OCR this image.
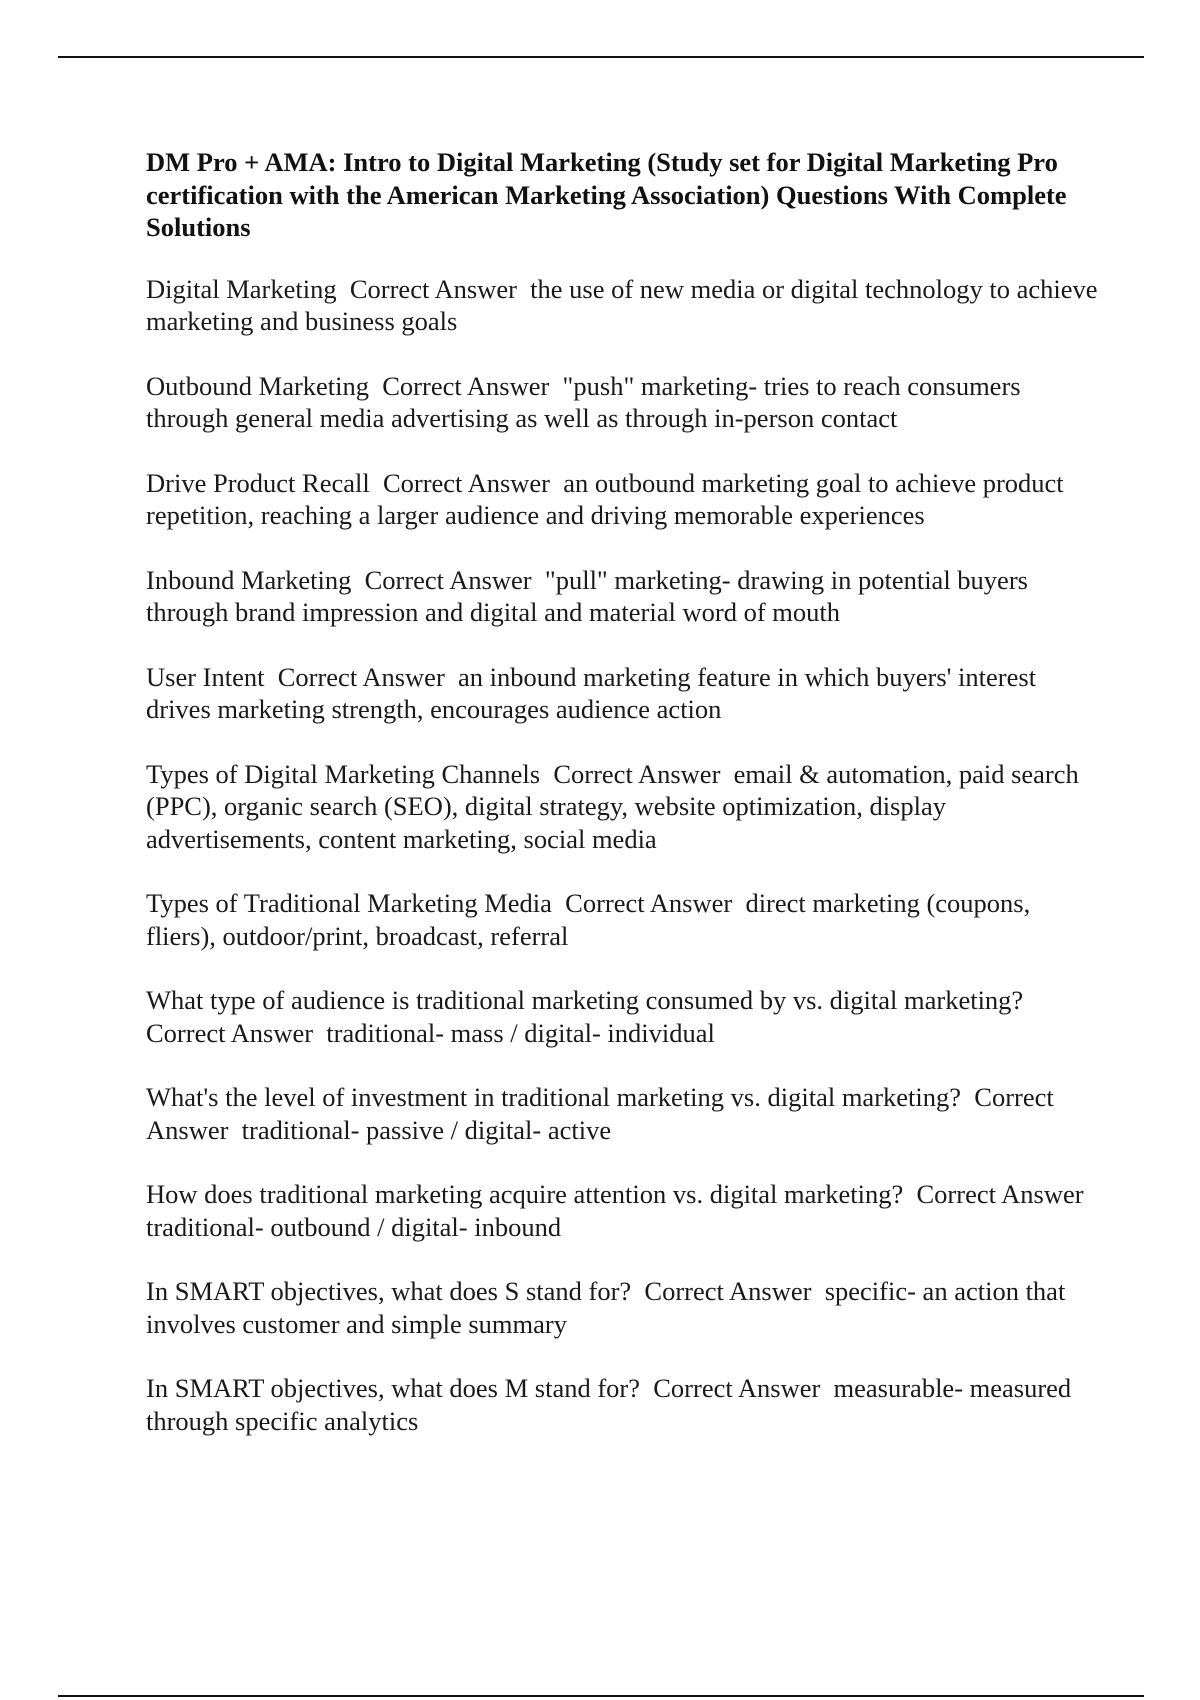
DM Pro + AMA: Intro to Digital Marketing (Study set for Digital Marketing Pro certification with the American Marketing Association) Questions With Complete Solutions
Digital Marketing  Correct Answer  the use of new media or digital technology to achieve marketing and business goals
Outbound Marketing  Correct Answer  "push" marketing- tries to reach consumers through general media advertising as well as through in-person contact
Drive Product Recall  Correct Answer  an outbound marketing goal to achieve product repetition, reaching a larger audience and driving memorable experiences
Inbound Marketing  Correct Answer  "pull" marketing- drawing in potential buyers through brand impression and digital and material word of mouth
User Intent  Correct Answer  an inbound marketing feature in which buyers' interest drives marketing strength, encourages audience action
Types of Digital Marketing Channels  Correct Answer  email & automation, paid search (PPC), organic search (SEO), digital strategy, website optimization, display advertisements, content marketing, social media
Types of Traditional Marketing Media  Correct Answer  direct marketing (coupons, fliers), outdoor/print, broadcast, referral
What type of audience is traditional marketing consumed by vs. digital marketing?  Correct Answer  traditional- mass / digital- individual
What's the level of investment in traditional marketing vs. digital marketing?  Correct Answer  traditional- passive / digital- active
How does traditional marketing acquire attention vs. digital marketing?  Correct Answer  traditional- outbound / digital- inbound
In SMART objectives, what does S stand for?  Correct Answer  specific- an action that involves customer and simple summary
In SMART objectives, what does M stand for?  Correct Answer  measurable- measured through specific analytics
